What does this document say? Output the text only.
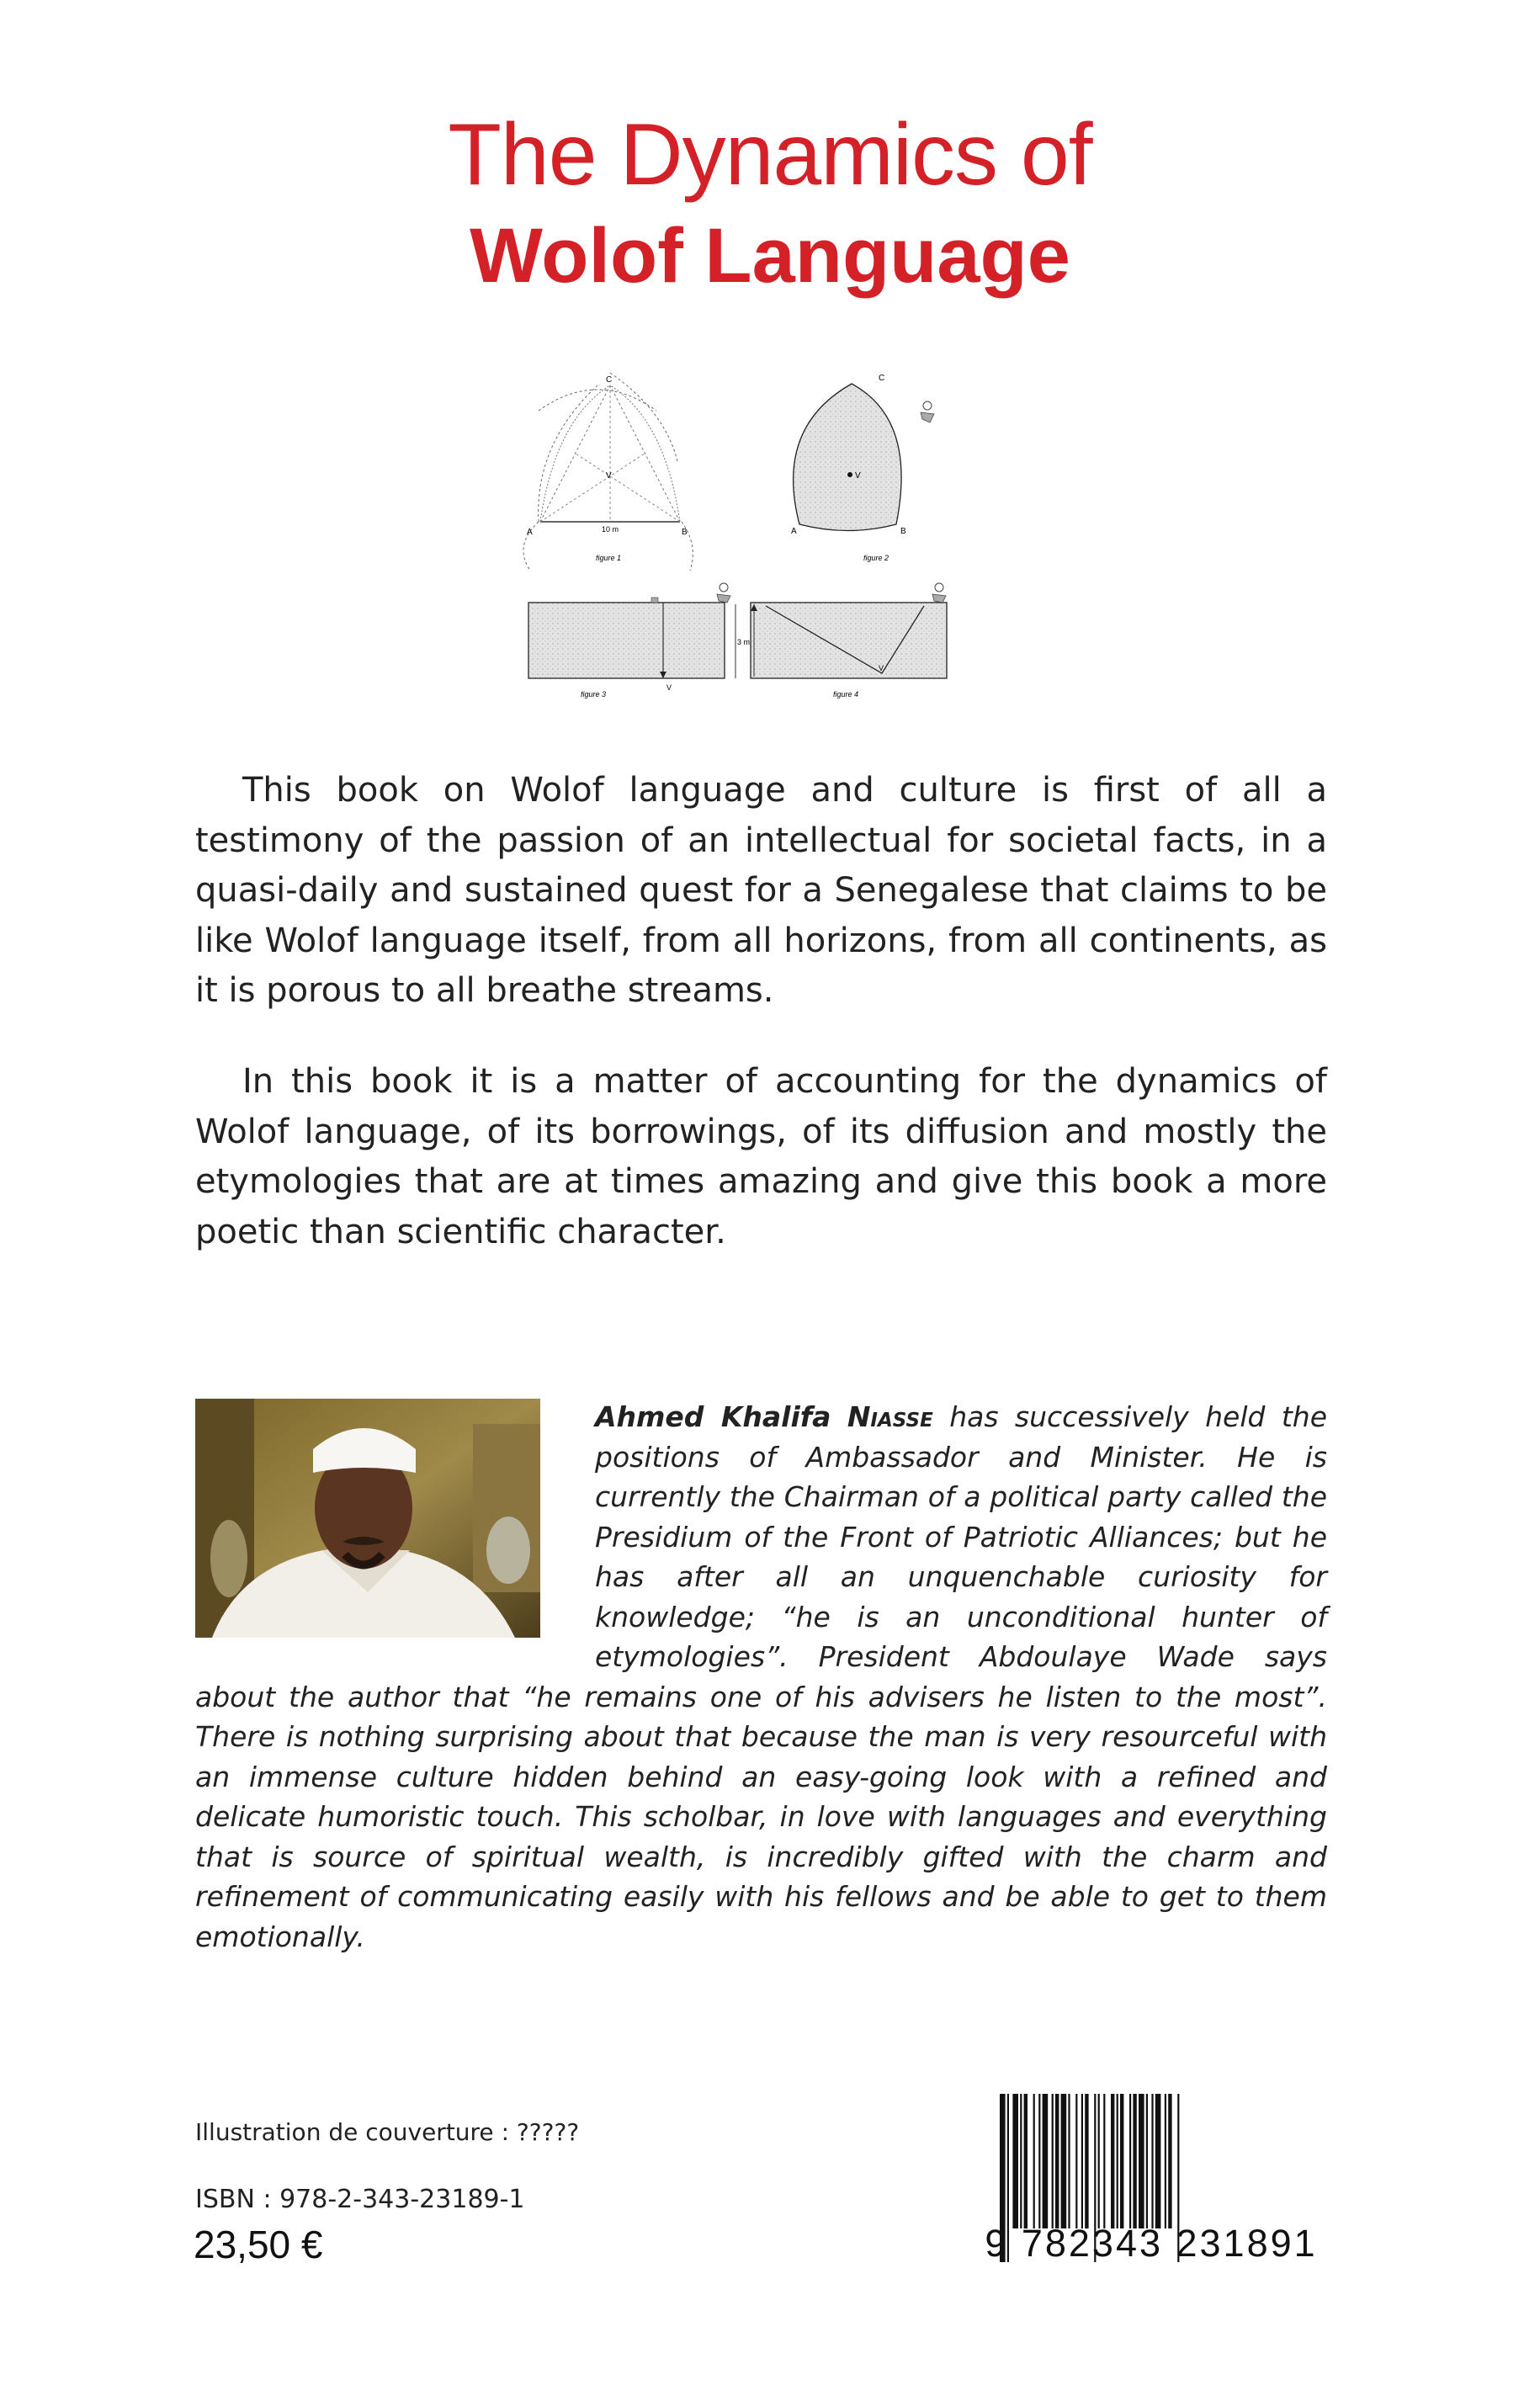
The Dynamics of
Wolof Language
C
V
A	B
10 m
figure 1
V
C
A	B
figure 2
3 m
V
figure 3
V
figure 4

This book on Wolof language and culture is first of all a testimony of the passion of an intellectual for societal facts, in a quasi-daily and sustained quest for a Senegalese that claims to be like Wolof language itself, from all horizons, from all continents, as it is porous to all breathe streams.

In this book it is a matter of accounting for the dynamics of Wolof language, of its borrowings, of its diffusion and mostly the etymologies that are at times amazing and give this book a more poetic than scientific character.

Ahmed Khalifa Niasse has successively held the positions of Ambassador and Minister. He is currently the Chairman of a political party called the Presidium of the Front of Patriotic Alliances; but he has after all an unquenchable curiosity for knowledge; “he is an unconditional hunter of etymologies”. President Abdoulaye Wade says about the author that “he remains one of his advisers he listen to the most”. There is nothing surprising about that because the man is very resourceful with an immense culture hidden behind an easy-going look with a refined and delicate humoristic touch. This scholbar, in love with languages and everything that is source of spiritual wealth, is incredibly gifted with the charm and refinement of communicating easily with his fellows and be able to get to them emotionally.

Illustration de couverture : ?????

ISBN : 978-2-343-23189-1

23,50 €	9 782343 231891
